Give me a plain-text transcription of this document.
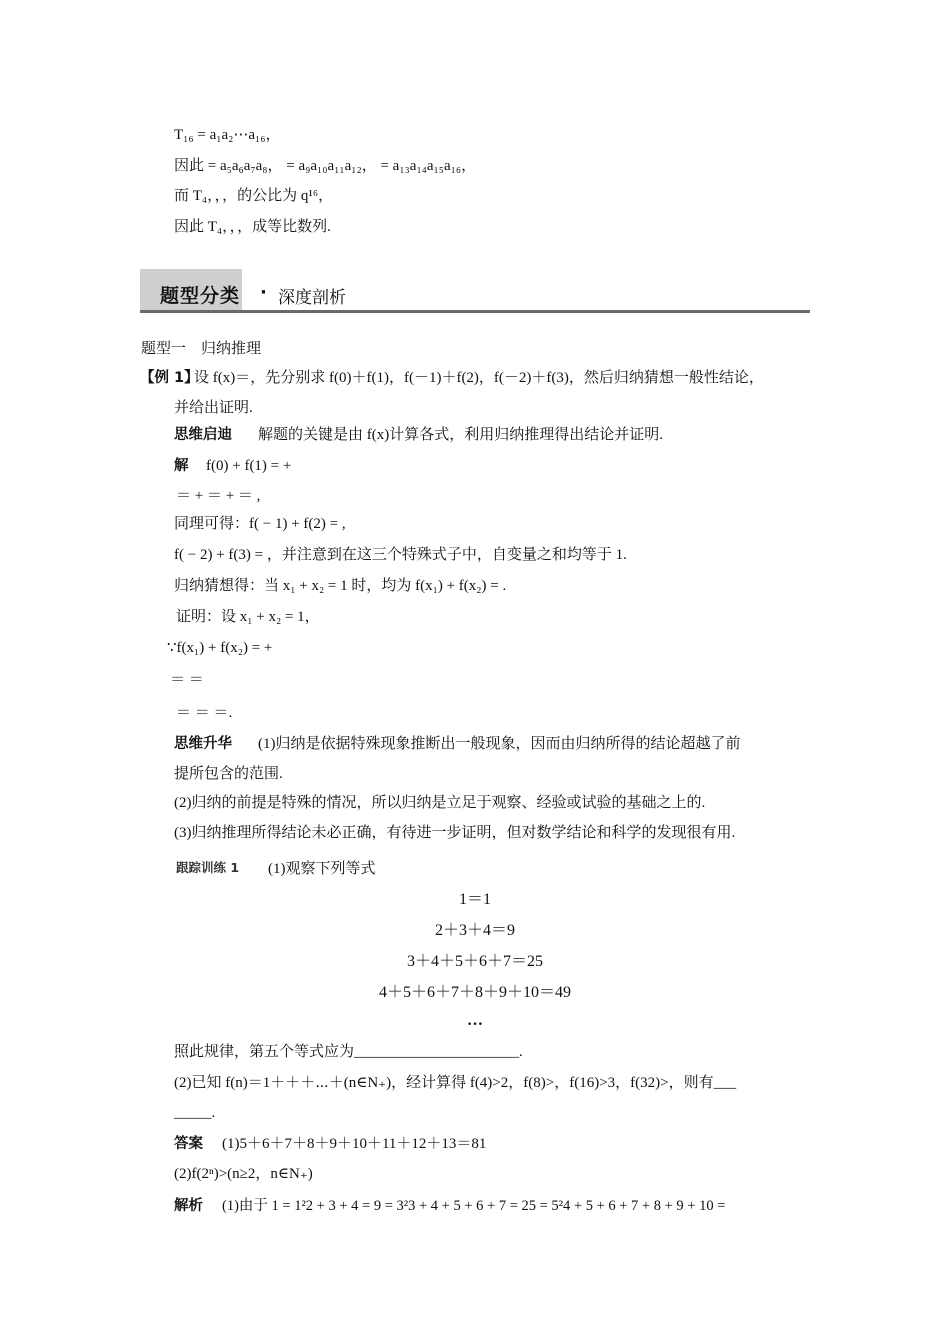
T₁₆ = a₁a₂⋯a₁₆，
因此 = a₅a₆a₇a₈， = a₉a₁₀a₁₁a₁₂， = a₁₃a₁₄a₁₅a₁₆，
而 T₄，，，的公比为 q¹⁶，
因此 T₄，，，成等比数列.
题型分类 · 深度剖析
题型一　归纳推理
【例 1】
设 f(x)＝，先分别求 f(0)＋f(1)，f(－1)＋f(2)，f(－2)＋f(3)，然后归纳猜想一般性结论，
并给出证明.
思维启迪 解题的关键是由 f(x)计算各式，利用归纳推理得出结论并证明.
解 f(0) + f(1) = +
＝ + ＝ + ＝ ,
同理可得：f( − 1) + f(2) = ,
f( − 2) + f(3) = ，并注意到在这三个特殊式子中，自变量之和均等于 1.
归纳猜想得：当 x₁ + x₂ = 1 时，均为 f(x₁) + f(x₂) = .
证明：设 x₁ + x₂ = 1，
∵f(x₁) + f(x₂) = +
＝ ＝
＝ ＝ ＝.
思维升华 (1)归纳是依据特殊现象推断出一般现象，因而由归纳所得的结论超越了前
提所包含的范围.
(2)归纳的前提是特殊的情况，所以归纳是立足于观察、经验或试验的基础之上的.
(3)归纳推理所得结论未必正确，有待进一步证明，但对数学结论和科学的发现很有用.
跟踪训练 1 (1)观察下列等式
1＝1
2＋3＋4＝9
3＋4＋5＋6＋7＝25
4＋5＋6＋7＋8＋9＋10＝49
…
照此规律，第五个等式应为______________________.
(2)已知 f(n)＝1＋＋＋⋯＋(n∈N₊)，经计算得 f(4)>2，f(8)>，f(16)>3，f(32)>，则有___
_____.
答案 (1)5＋6＋7＋8＋9＋10＋11＋12＋13＝81
(2)f(2ⁿ)>(n≥2，n∈N₊)
解析 (1)由于 1 = 1²2 + 3 + 4 = 9 = 3²3 + 4 + 5 + 6 + 7 = 25 = 5²4 + 5 + 6 + 7 + 8 + 9 + 10 =
